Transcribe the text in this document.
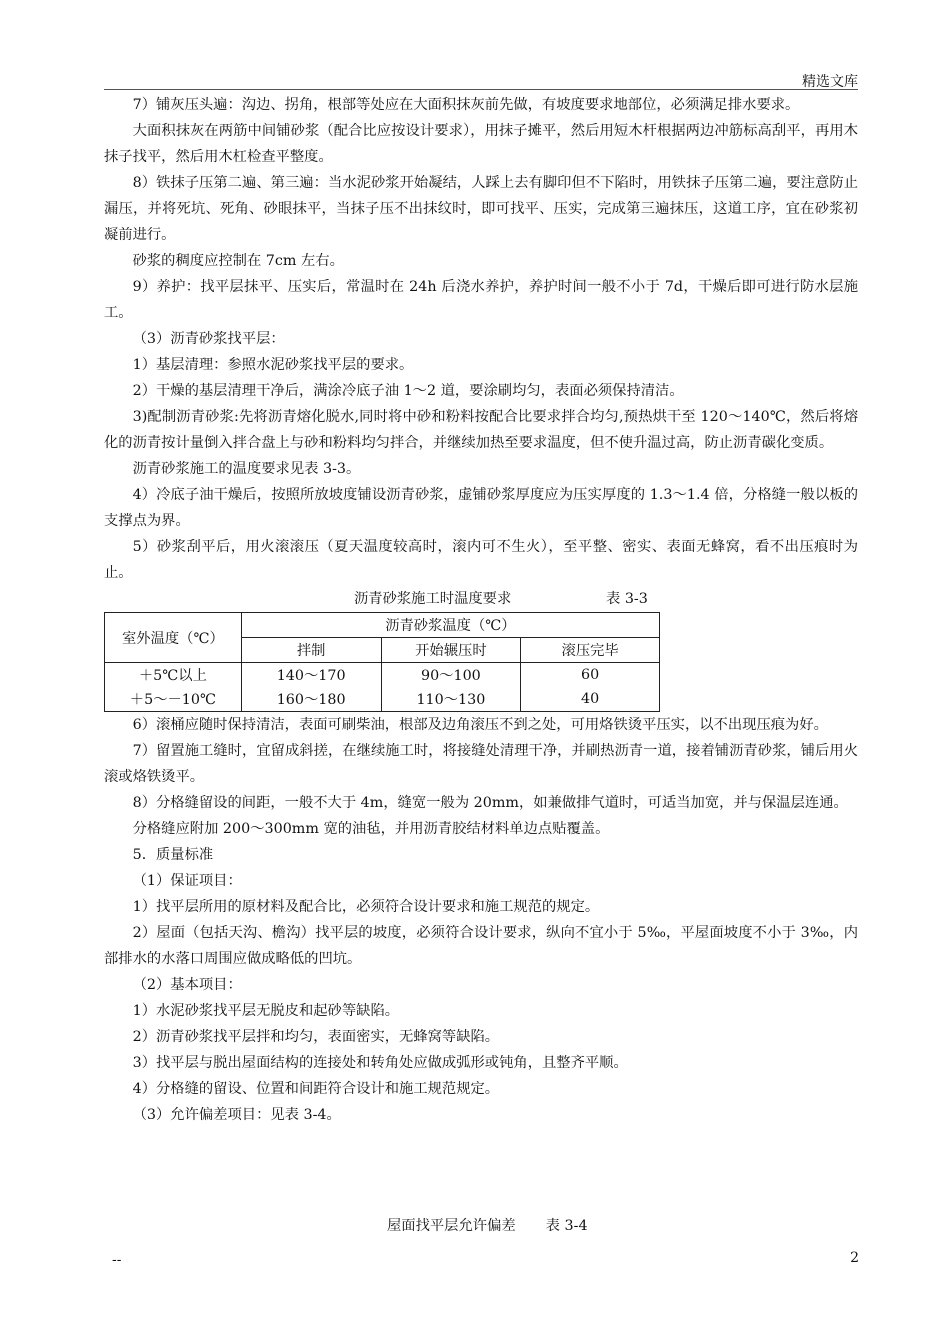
精选文库

7）铺灰压头遍：沟边、拐角，根部等处应在大面积抹灰前先做，有坡度要求地部位，必须满足排水要求。

大面积抹灰在两筋中间铺砂浆（配合比应按设计要求），用抹子摊平，然后用短木杆根据两边冲筋标高刮平，再用木抹子找平，然后用木杠检查平整度。

8）铁抹子压第二遍、第三遍：当水泥砂浆开始凝结，人踩上去有脚印但不下陷时，用铁抹子压第二遍，要注意防止漏压，并将死坑、死角、砂眼抹平，当抹子压不出抹纹时，即可找平、压实，完成第三遍抹压，这道工序，宜在砂浆初凝前进行。

砂浆的稠度应控制在 7cm 左右。

9）养护：找平层抹平、压实后，常温时在 24h 后浇水养护，养护时间一般不小于 7d，干燥后即可进行防水层施工。

（3）沥青砂浆找平层：

1）基层清理：参照水泥砂浆找平层的要求。

2）干燥的基层清理干净后，满涂冷底子油 1～2 道，要涂刷均匀，表面必须保持清洁。

3)配制沥青砂浆:先将沥青熔化脱水,同时将中砂和粉料按配合比要求拌合均匀,预热烘干至 120～140℃，然后将熔化的沥青按计量倒入拌合盘上与砂和粉料均匀拌合，并继续加热至要求温度，但不使升温过高，防止沥青碳化变质。

沥青砂浆施工的温度要求见表 3-3。

4）冷底子油干燥后，按照所放坡度铺设沥青砂浆，虚铺砂浆厚度应为压实厚度的 1.3～1.4 倍，分格缝一般以板的支撑点为界。

5）砂浆刮平后，用火滚滚压（夏天温度较高时，滚内可不生火），至平整、密实、表面无蜂窝，看不出压痕时为止。

沥青砂浆施工时温度要求	表 3-3
室外温度（℃）	沥青砂浆温度（℃）		
	拌制	开始辗压时	滚压完毕
＋5℃以上	140～170	90～100	60
＋5～－10℃	160～180	110～130	40

6）滚桶应随时保持清洁，表面可刷柴油，根部及边角滚压不到之处，可用烙铁烫平压实，以不出现压痕为好。

7）留置施工缝时，宜留成斜搓，在继续施工时，将接缝处清理干净，并刷热沥青一道，接着铺沥青砂浆，铺后用火滚或烙铁烫平。

8）分格缝留设的间距，一般不大于 4m，缝宽一般为 20mm，如兼做排气道时，可适当加宽，并与保温层连通。

分格缝应附加 200～300mm 宽的油毡，并用沥青胶结材料单边点贴覆盖。

5．质量标准

（1）保证项目：

1）找平层所用的原材料及配合比，必须符合设计要求和施工规范的规定。

2）屋面（包括天沟、檐沟）找平层的坡度，必须符合设计要求，纵向不宜小于 5‰，平屋面坡度不小于 3‰，内部排水的水落口周围应做成略低的凹坑。

（2）基本项目：

1）水泥砂浆找平层无脱皮和起砂等缺陷。

2）沥青砂浆找平层拌和均匀，表面密实，无蜂窝等缺陷。

3）找平层与脱出屋面结构的连接处和转角处应做成弧形或钝角，且整齐平顺。

4）分格缝的留设、位置和间距符合设计和施工规范规定。

（3）允许偏差项目：见表 3-4。

屋面找平层允许偏差 表 3-4
--	2
